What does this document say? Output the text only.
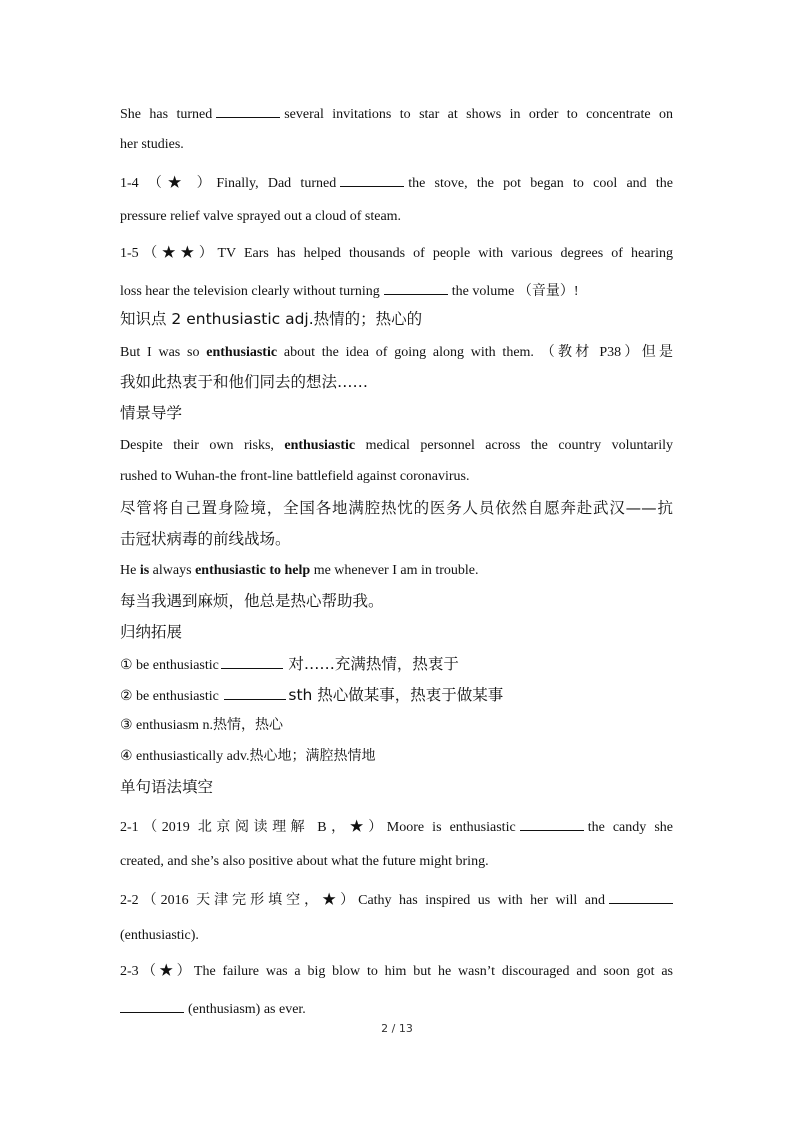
She has turned	several invitations to star at shows in order to concentrate on
her studies.
1-4 （★ ）Finally, Dad turned	the stove, the pot began to cool and the
pressure relief valve sprayed out a cloud of steam.
1-5（★★）TV Ears has helped thousands of people with various degrees of hearing
loss hear the television clearly without turning	the volume （音量）!
知识点 2 enthusiastic adj.热情的；热心的
But I was so enthusiastic about the idea of going along with them. （教材 P38）但是
我如此热衷于和他们同去的想法……
情景导学
Despite their own risks, enthusiastic medical personnel across the country voluntarily
rushed to Wuhan-the front-line battlefield against coronavirus.
尽管将自己置身险境，全国各地满腔热忱的医务人员依然自愿奔赴武汉——抗
击冠状病毒的前线战场。
He is always enthusiastic to help me whenever I am in trouble.
每当我遇到麻烦，他总是热心帮助我。
归纳拓展
① be enthusiastic	对……充满热情，热衷于
② be enthusiastic	sth 热心做某事，热衷于做某事
③ enthusiasm n.热情，热心
④ enthusiastically adv.热心地；满腔热情地
单句语法填空
2-1（2019 北京阅读理解 B，★）Moore is enthusiastic	the candy she
created, and she’s also positive about what the future might bring.
2-2（2016 天津完形填空，★）Cathy has inspired us with her will and
(enthusiastic).
2-3（★）The failure was a big blow to him but he wasn’t discouraged and soon got as
(enthusiasm) as ever.
2 / 13
